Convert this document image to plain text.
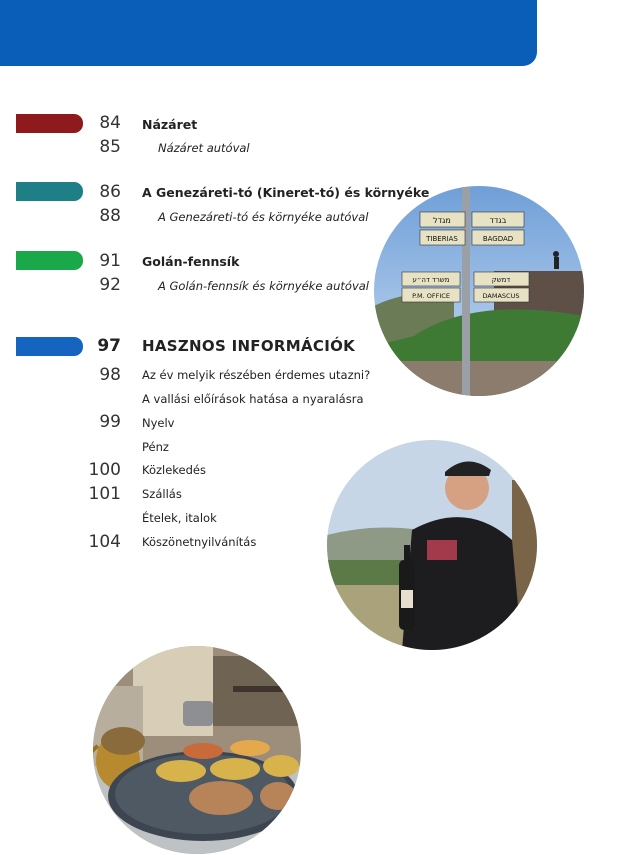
84 Názáret
85	Názáret autóval
86 A Genezáreti-tó (Kineret-tó) és környéke
88	A Genezáreti-tó és környéke autóval
91 Golán-fennsík
92	A Golán-fennsík és környéke autóval
97 HASZNOS INFORMÁCIÓK
98 Az év melyik részében érdemes utazni?
A vallási előírások hatása a nyaralásra
99 Nyelv
Pénz
100 Közlekedés
101 Szállás
Ételek, italok
104 Köszönetnyilvánítás
מגדל
TIBERIAS
בגדד
BAGDAD
משרד דה״ע
P.M. OFFICE
דמשק
DAMASCUS
